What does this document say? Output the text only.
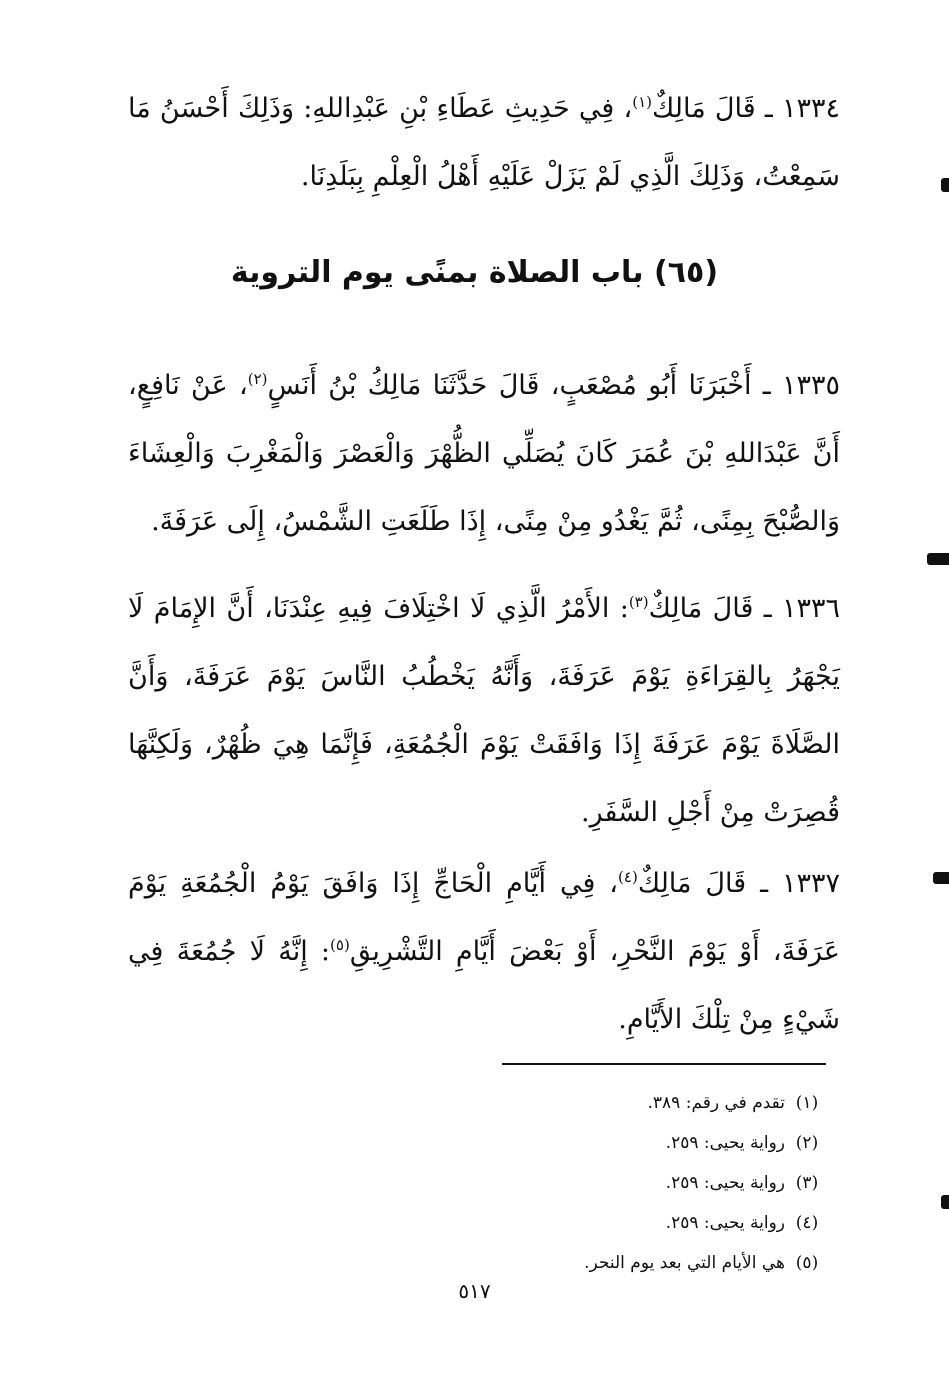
١٣٣٤ ـ قَالَ مَالِكٌ$^{(١)}$، فِي حَدِيثِ عَطَاءِ بْنِ عَبْدِاللهِ: وَذَلِكَ أَحْسَنُ مَا سَمِعْتُ، وَذَلِكَ الَّذِي لَمْ يَزَلْ عَلَيْهِ أَهْلُ الْعِلْمِ بِبَلَدِنَا.
(٦٥) باب الصلاة بمنًى يوم التروية
١٣٣٥ ـ أَخْبَرَنَا أَبُو مُصْعَبٍ، قَالَ حَدَّثَنَا مَالِكُ بْنُ أَنَسٍ$^{(٢)}$، عَنْ نَافِعٍ، أَنَّ عَبْدَاللهِ بْنَ عُمَرَ كَانَ يُصَلِّي الظُّهْرَ وَالْعَصْرَ وَالْمَغْرِبَ وَالْعِشَاءَ وَالصُّبْحَ بِمِنًى، ثُمَّ يَغْدُو مِنْ مِنًى، إِذَا طَلَعَتِ الشَّمْسُ، إِلَى عَرَفَةَ.
١٣٣٦ ـ قَالَ مَالِكٌ$^{(٣)}$: الأَمْرُ الَّذِي لَا اخْتِلَافَ فِيهِ عِنْدَنَا، أَنَّ الإِمَامَ لَا يَجْهَرُ بِالقِرَاءَةِ يَوْمَ عَرَفَةَ، وَأَنَّهُ يَخْطُبُ النَّاسَ يَوْمَ عَرَفَةَ، وَأَنَّ الصَّلَاةَ يَوْمَ عَرَفَةَ إِذَا وَافَقَتْ يَوْمَ الْجُمُعَةِ، فَإِنَّمَا هِيَ ظُهْرٌ، وَلَكِنَّهَا قُصِرَتْ مِنْ أَجْلِ السَّفَرِ.
١٣٣٧ ـ قَالَ مَالِكٌ$^{(٤)}$، فِي أَيَّامِ الْحَاجِّ إِذَا وَافَقَ يَوْمُ الْجُمُعَةِ يَوْمَ عَرَفَةَ، أَوْ يَوْمَ النَّحْرِ، أَوْ بَعْضَ أَيَّامِ التَّشْرِيقِ$^{(٥)}$: إِنَّهُ لَا جُمُعَةَ فِي شَيْءٍ مِنْ تِلْكَ الأَيَّامِ.
(١)
تقدم في رقم: ٣٨٩.
(٢)
رواية يحيى: ٢٥٩.
(٣)
رواية يحيى: ٢٥٩.
(٤)
رواية يحيى: ٢٥٩.
(٥)
هي الأيام التي بعد يوم النحر.
٥١٧
